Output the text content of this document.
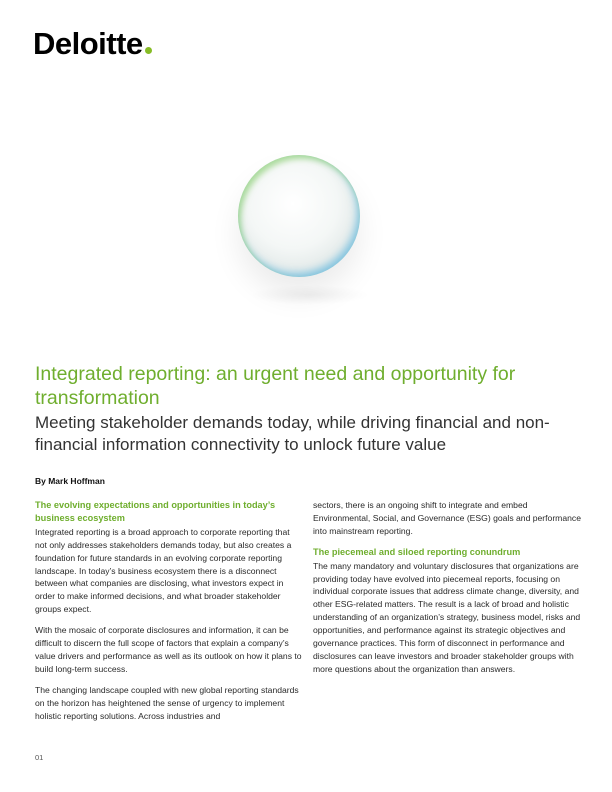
Deloitte
Integrated reporting: an urgent need and opportunity for transformation

Meeting stakeholder demands today, while driving financial and non-financial information connectivity to unlock future value

By Mark Hoffman

The evolving expectations and opportunities in today’s business ecosystem

Integrated reporting is a broad approach to corporate reporting that not only addresses stakeholders demands today, but also creates a foundation for future standards in an evolving corporate reporting landscape. In today’s business ecosystem there is a disconnect between what companies are disclosing, what investors expect in order to make informed decisions, and what broader stakeholder groups expect.

With the mosaic of corporate disclosures and information, it can be difficult to discern the full scope of factors that explain a company’s value drivers and performance as well as its outlook on how it plans to build long-term success.

The changing landscape coupled with new global reporting standards on the horizon has heightened the sense of urgency to implement holistic reporting solutions. Across industries and

sectors, there is an ongoing shift to integrate and embed Environmental, Social, and Governance (ESG) goals and performance into mainstream reporting.

The piecemeal and siloed reporting conundrum

The many mandatory and voluntary disclosures that organizations are providing today have evolved into piecemeal reports, focusing on individual corporate issues that address climate change, diversity, and other ESG-related matters. The result is a lack of broad and holistic understanding of an organization’s strategy, business model, risks and opportunities, and performance against its strategic objectives and governance practices. This form of disconnect in performance and disclosures can leave investors and broader stakeholder groups with more questions about the organization than answers.

01
